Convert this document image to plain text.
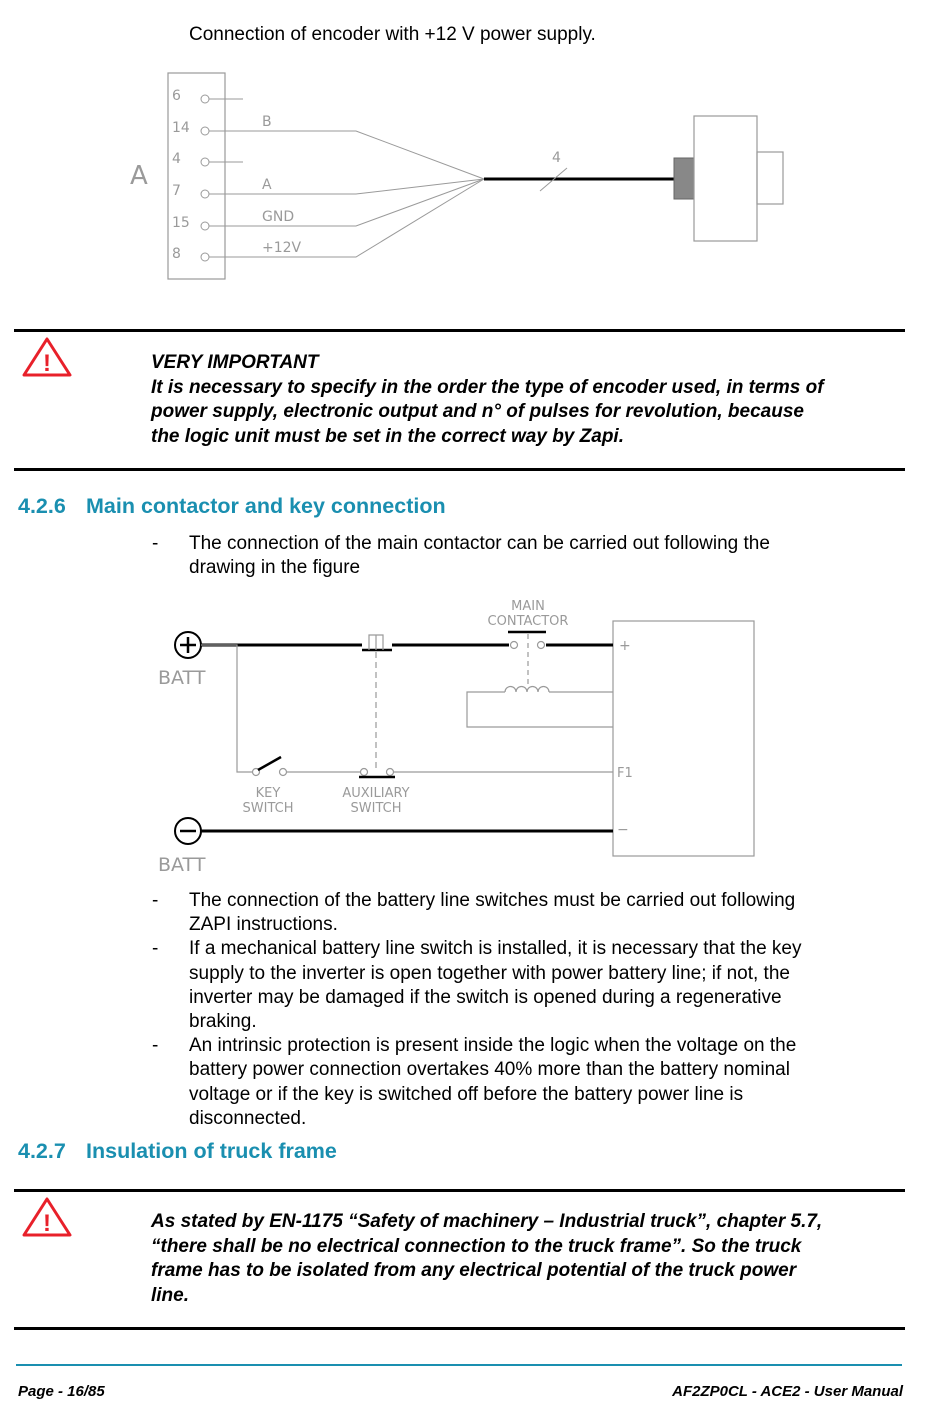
Connection of encoder with +12 V power supply.
A
6
14
4
7
15
8
B
A
GND
+12V
4
!	VERY IMPORTANT
It is necessary to specify in the order the type of encoder used, in terms of
power supply, electronic output and n° of pulses for revolution, because
the logic unit must be set in the correct way by Zapi.
4.2.6 Main contactor and key connection
- The connection of the main contactor can be carried out following the
drawing in the figure
+
F1
−
BATT
MAIN
CONTACTOR
KEY
SWITCH
AUXILIARY
SWITCH
BATT
- The connection of the battery line switches must be carried out following
ZAPI instructions.
- If a mechanical battery line switch is installed, it is necessary that the key
supply to the inverter is open together with power battery line; if not, the
inverter may be damaged if the switch is opened during a regenerative
braking.
- An intrinsic protection is present inside the logic when the voltage on the
battery power connection overtakes 40% more than the battery nominal
voltage or if the key is switched off before the battery power line is
disconnected.
4.2.7 Insulation of truck frame
!	As stated by EN-1175 “Safety of machinery – Industrial truck”, chapter 5.7,
“there shall be no electrical connection to the truck frame”. So the truck
frame has to be isolated from any electrical potential of the truck power
line.
Page - 16/85	AF2ZP0CL - ACE2 - User Manual
